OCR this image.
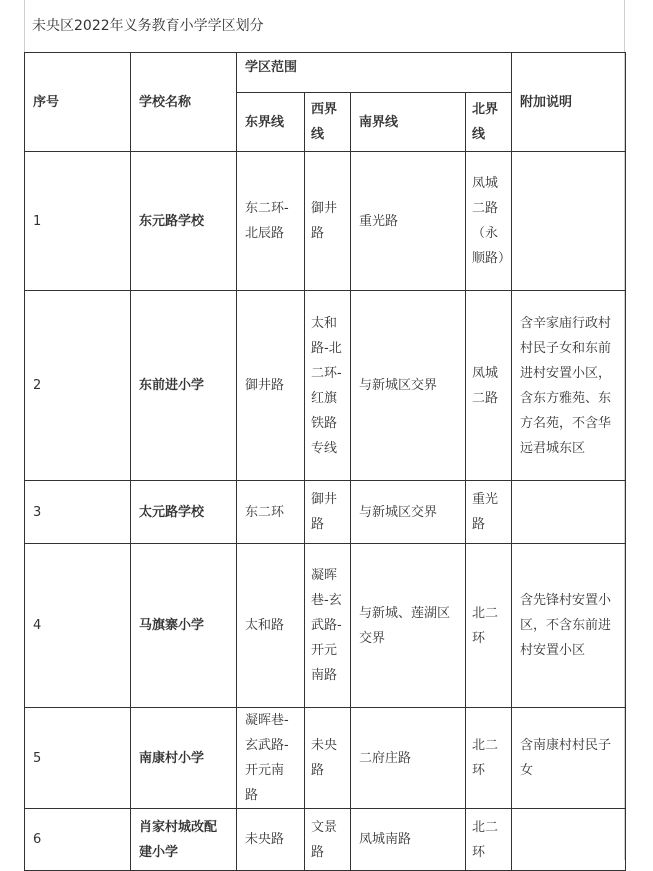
未央区2022年义务教育小学学区划分
序号	学校名称	学区范围				附加说明
		东界线	西界线	南界线	北界线	
1	东元路学校	东二环-北辰路	御井路	重光路	凤城二路（永顺路）	
2	东前进小学	御井路	太和路-北二环-红旗铁路专线	与新城区交界	凤城二路	含辛家庙行政村村民子女和东前进村安置小区，含东方雅苑、东方名苑，不含华远君城东区
3	太元路学校	东二环	御井路	与新城区交界	重光路	
4	马旗寨小学	太和路	凝晖巷-玄武路-开元南路	与新城、莲湖区交界	北二环	含先锋村安置小区，不含东前进村安置小区
5	南康村小学	凝晖巷-玄武路-开元南路	未央路	二府庄路	北二环	含南康村村民子女
6	肖家村城改配建小学	未央路	文景路	凤城南路	北二环	
